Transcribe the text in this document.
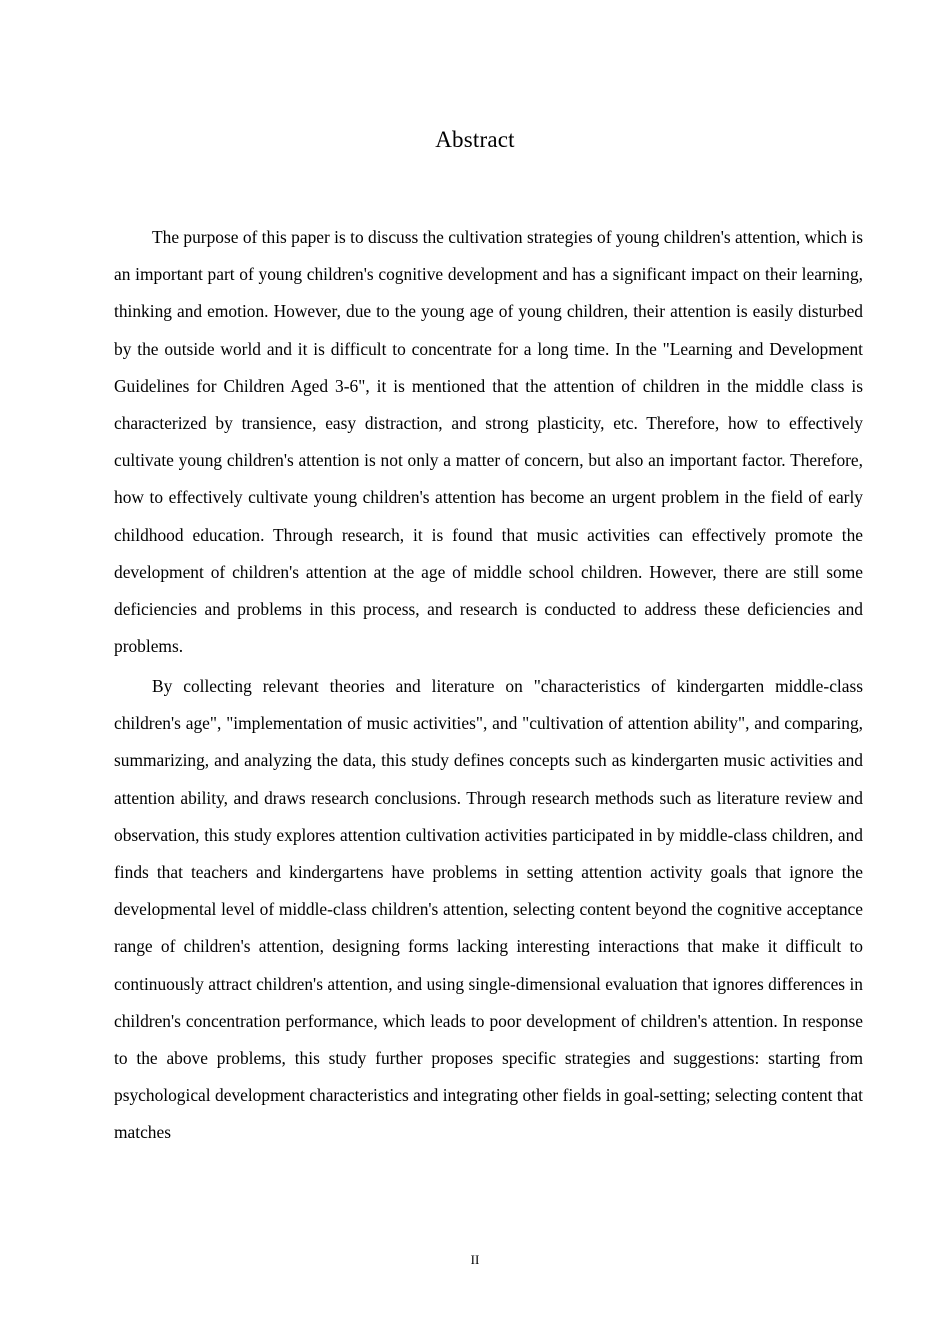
Abstract

The purpose of this paper is to discuss the cultivation strategies of young children's attention, which is an important part of young children's cognitive development and has a significant impact on their learning, thinking and emotion. However, due to the young age of young children, their attention is easily disturbed by the outside world and it is difficult to concentrate for a long time. In the "Learning and Development Guidelines for Children Aged 3-6", it is mentioned that the attention of children in the middle class is characterized by transience, easy distraction, and strong plasticity, etc. Therefore, how to effectively cultivate young children's attention is not only a matter of concern, but also an important factor. Therefore, how to effectively cultivate young children's attention has become an urgent problem in the field of early childhood education. Through research, it is found that music activities can effectively promote the development of children's attention at the age of middle school children. However, there are still some deficiencies and problems in this process, and research is conducted to address these deficiencies and problems.

By collecting relevant theories and literature on "characteristics of kindergarten middle-class children's age", "implementation of music activities", and "cultivation of attention ability", and comparing, summarizing, and analyzing the data, this study defines concepts such as kindergarten music activities and attention ability, and draws research conclusions. Through research methods such as literature review and observation, this study explores attention cultivation activities participated in by middle-class children, and finds that teachers and kindergartens have problems in setting attention activity goals that ignore the developmental level of middle-class children's attention, selecting content beyond the cognitive acceptance range of children's attention, designing forms lacking interesting interactions that make it difficult to continuously attract children's attention, and using single-dimensional evaluation that ignores differences in children's concentration performance, which leads to poor development of children's attention. In response to the above problems, this study further proposes specific strategies and suggestions: starting from psychological development characteristics and integrating other fields in goal-setting; selecting content that matches

II
